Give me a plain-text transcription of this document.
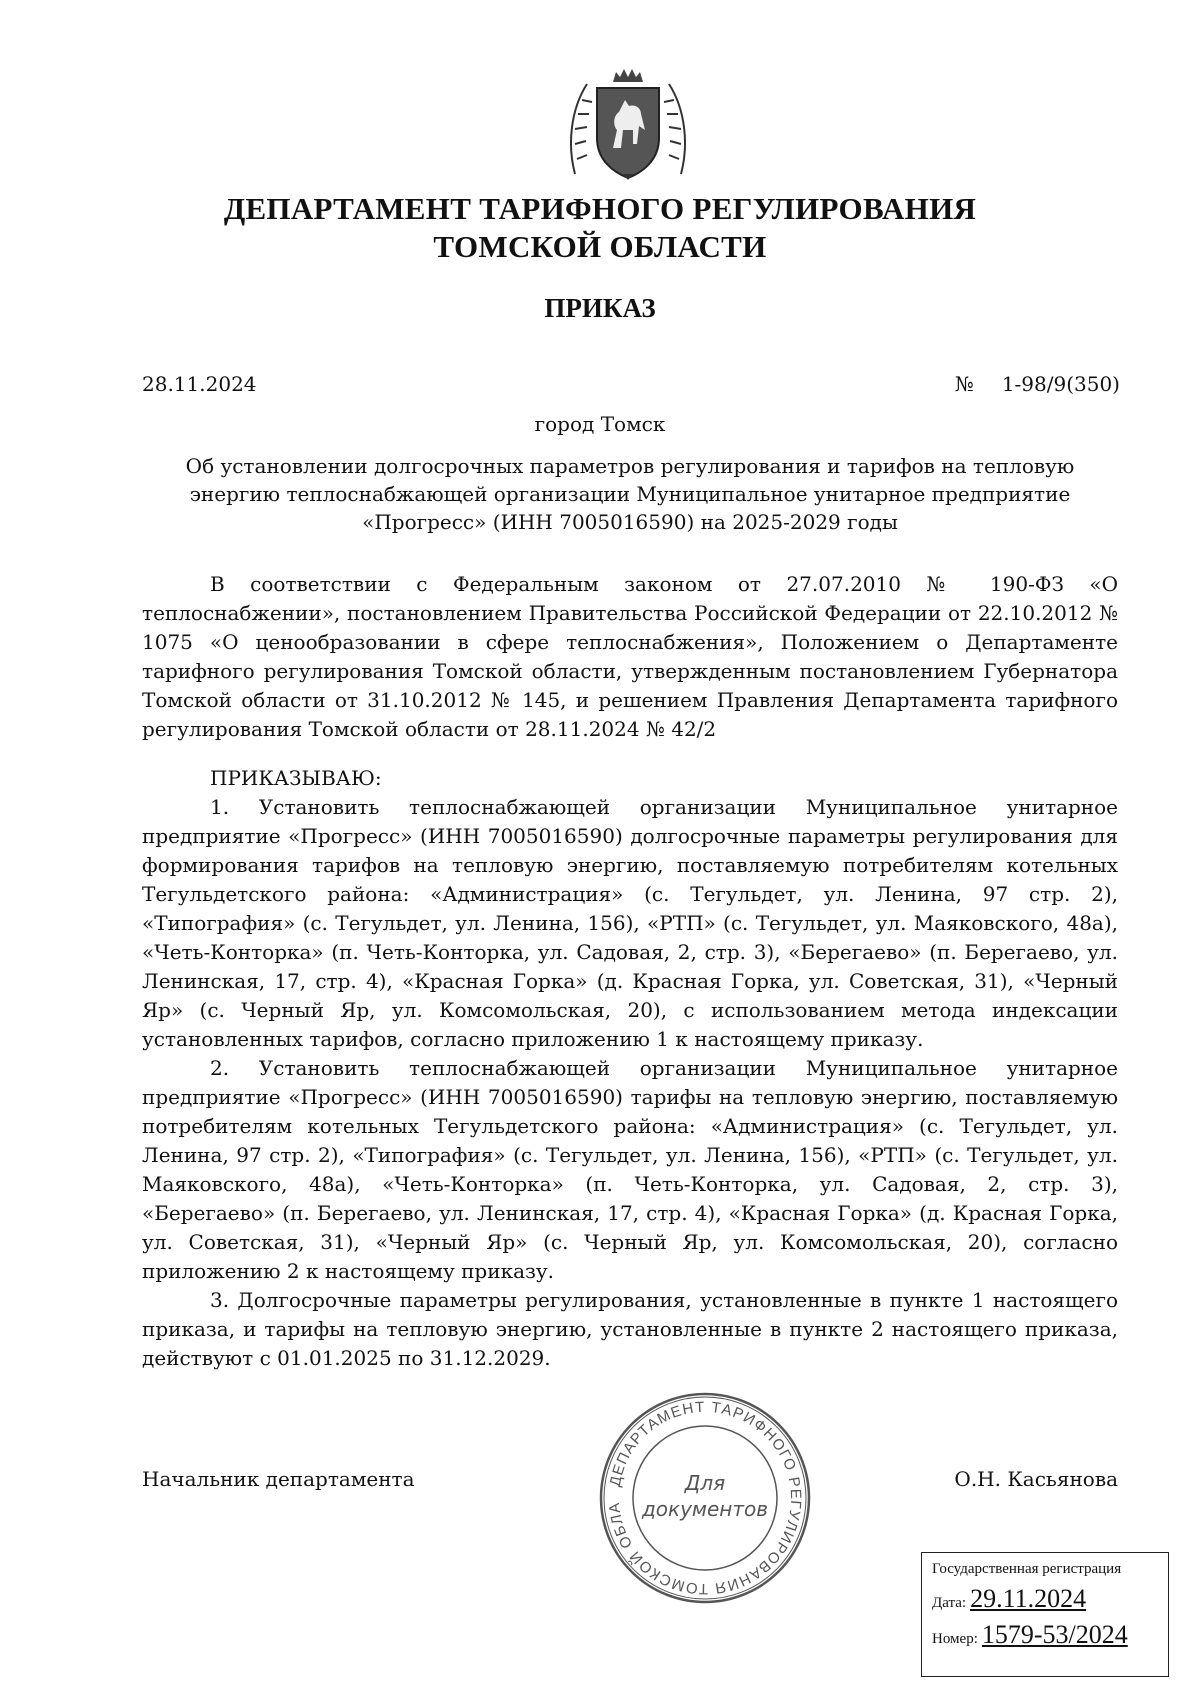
ДЕПАРТАМЕНТ ТАРИФНОГО РЕГУЛИРОВАНИЯ
ТОМСКОЙ ОБЛАСТИ
ПРИКАЗ
28.11.2024	№ 1-98/9(350)
город Томск
Об установлении долгосрочных параметров регулирования и тарифов на тепловую энергию теплоснабжающей организации Муниципальное унитарное предприятие «Прогресс» (ИНН 7005016590) на 2025-2029 годы

В соответствии с Федеральным законом от 27.07.2010 № 190-ФЗ «О теплоснабжении», постановлением Правительства Российской Федерации от 22.10.2012 № 1075 «О ценообразовании в сфере теплоснабжения», Положением о Департаменте тарифного регулирования Томской области, утвержденным постановлением Губернатора Томской области от 31.10.2012 № 145, и решением Правления Департамента тарифного регулирования Томской области от 28.11.2024 № 42/2

ПРИКАЗЫВАЮ:

1. Установить теплоснабжающей организации Муниципальное унитарное предприятие «Прогресс» (ИНН 7005016590) долгосрочные параметры регулирования для формирования тарифов на тепловую энергию, поставляемую потребителям котельных Тегульдетского района: «Администрация» (с. Тегульдет, ул. Ленина, 97 стр. 2), «Типография» (с. Тегульдет, ул. Ленина, 156), «РТП» (с. Тегульдет, ул. Маяковского, 48а), «Четь-Конторка» (п. Четь-Конторка, ул. Садовая, 2, стр. 3), «Берегаево» (п. Берегаево, ул. Ленинская, 17, стр. 4), «Красная Горка» (д. Красная Горка, ул. Советская, 31), «Черный Яр» (с. Черный Яр, ул. Комсомольская, 20), с использованием метода индексации установленных тарифов, согласно приложению 1 к настоящему приказу.

2. Установить теплоснабжающей организации Муниципальное унитарное предприятие «Прогресс» (ИНН 7005016590) тарифы на тепловую энергию, поставляемую потребителям котельных Тегульдетского района: «Администрация» (с. Тегульдет, ул. Ленина, 97 стр. 2), «Типография» (с. Тегульдет, ул. Ленина, 156), «РТП» (с. Тегульдет, ул. Маяковского, 48а), «Четь-Конторка» (п. Четь-Конторка, ул. Садовая, 2, стр. 3), «Берегаево» (п. Берегаево, ул. Ленинская, 17, стр. 4), «Красная Горка» (д. Красная Горка, ул. Советская, 31), «Черный Яр» (с. Черный Яр, ул. Комсомольская, 20), согласно приложению 2 к настоящему приказу.

3. Долгосрочные параметры регулирования, установленные в пункте 1 настоящего приказа, и тарифы на тепловую энергию, установленные в пункте 2 настоящего приказа, действуют с 01.01.2025 по 31.12.2029.

Начальник департамента	О.Н. Касьянова
ДЕПАРТАМЕНТ ТАРИФНОГО РЕГУЛИРОВАНИЯ ТОМСКОЙ ОБЛА
Для
документов
Государственная регистрация
Дата: 29.11.2024
Номер: 1579-53/2024
